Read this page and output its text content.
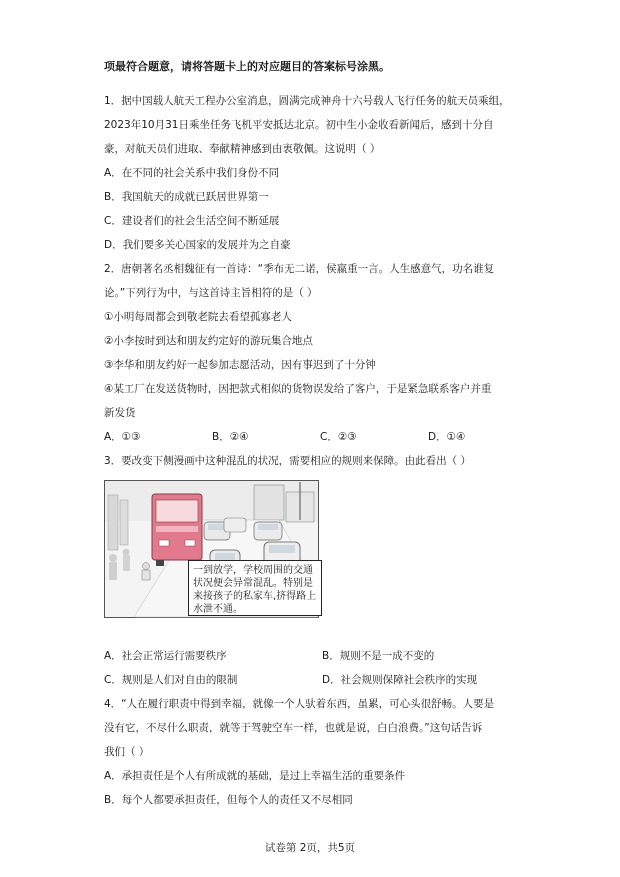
项最符合题意，请将答题卡上的对应题目的答案标号涂黑。
1．据中国载人航天工程办公室消息，圆满完成神舟十六号载人飞行任务的航天员乘组，
2023年10月31日乘坐任务飞机平安抵达北京。初中生小金收看新闻后，感到十分自
豪，对航天员们进取、奉献精神感到由衷敬佩。这说明（ ）
A．在不同的社会关系中我们身份不同
B．我国航天的成就已跃居世界第一
C．建设者们的社会生活空间不断延展
D．我们要多关心国家的发展并为之自豪
2．唐朝著名丞相魏征有一首诗：“季布无二诺，侯嬴重一言。人生感意气，功名谁复
论。”下列行为中，与这首诗主旨相符的是（ ）
①小明每周都会到敬老院去看望孤寡老人
②小李按时到达和朋友约定好的游玩集合地点
③李华和朋友约好一起参加志愿活动，因有事迟到了十分钟
④某工厂在发送货物时，因把款式相似的货物误发给了客户，于是紧急联系客户并重
新发货
A．①③	B．②④	C．②③	D．①④
3．要改变下侧漫画中这种混乱的状况，需要相应的规则来保障。由此看出（ ）
一到放学，学校周围的交通状况便会异常混乱。特别是来接孩子的私家车,挤得路上水泄不通。
A．社会正常运行需要秩序	B．规则不是一成不变的
C．规则是人们对自由的限制	D．社会规则保障社会秩序的实现
4．“人在履行职责中得到幸福，就像一个人驮着东西，虽累，可心头很舒畅。人要是
没有它，不尽什么职责，就等于驾驶空车一样，也就是说，白白浪费。”这句话告诉
我们（ ）
A．承担责任是个人有所成就的基础，是过上幸福生活的重要条件
B．每个人都要承担责任，但每个人的责任又不尽相同
试卷第 2页，共5页
